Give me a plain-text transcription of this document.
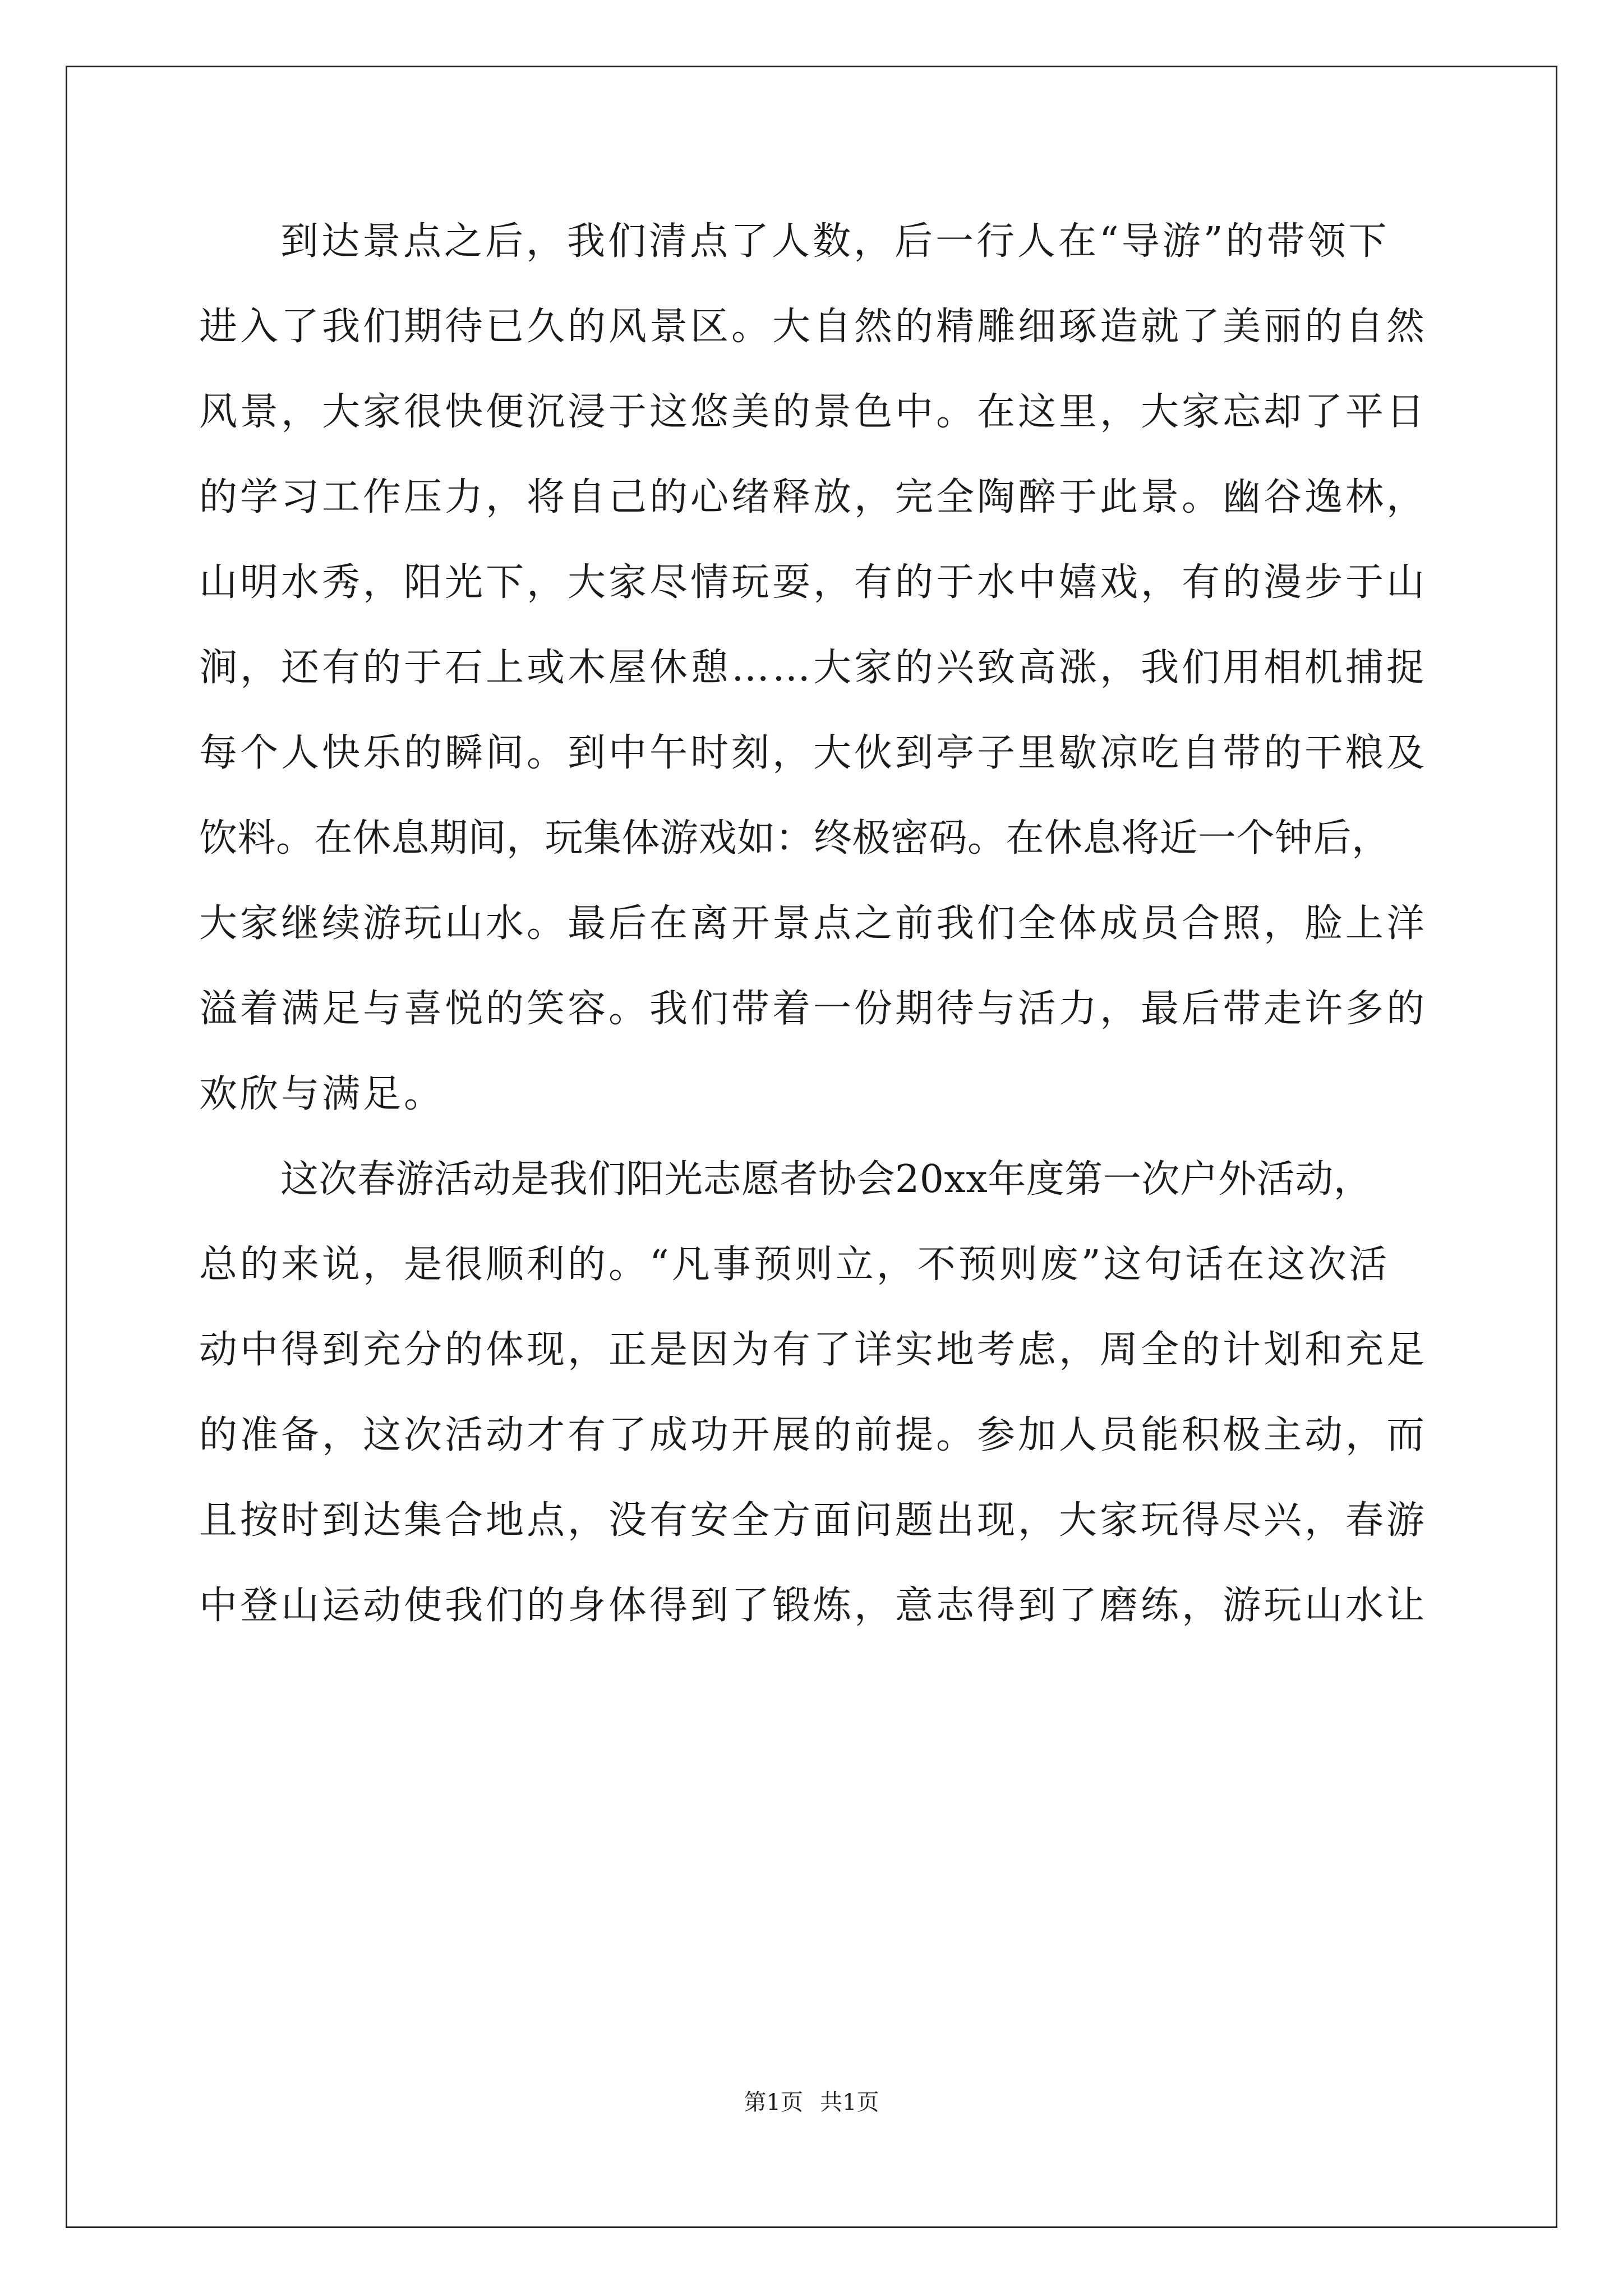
到达景点之后，我们清点了人数，后一行人在“导游”的带领下
进入了我们期待已久的风景区。大自然的精雕细琢造就了美丽的自然
风景，大家很快便沉浸于这悠美的景色中。在这里，大家忘却了平日
的学习工作压力，将自己的心绪释放，完全陶醉于此景。幽谷逸林，
山明水秀，阳光下，大家尽情玩耍，有的于水中嬉戏，有的漫步于山
涧，还有的于石上或木屋休憩……大家的兴致高涨，我们用相机捕捉
每个人快乐的瞬间。到中午时刻，大伙到亭子里歇凉吃自带的干粮及
饮料。在休息期间，玩集体游戏如：终极密码。在休息将近一个钟后，
大家继续游玩山水。最后在离开景点之前我们全体成员合照，脸上洋
溢着满足与喜悦的笑容。我们带着一份期待与活力，最后带走许多的
欢欣与满足。
这次春游活动是我们阳光志愿者协会20xx年度第一次户外活动，
总的来说，是很顺利的。“凡事预则立，不预则废”这句话在这次活
动中得到充分的体现，正是因为有了详实地考虑，周全的计划和充足
的准备，这次活动才有了成功开展的前提。参加人员能积极主动，而
且按时到达集合地点，没有安全方面问题出现，大家玩得尽兴，春游
中登山运动使我们的身体得到了锻炼，意志得到了磨练，游玩山水让
第1页 共1页
